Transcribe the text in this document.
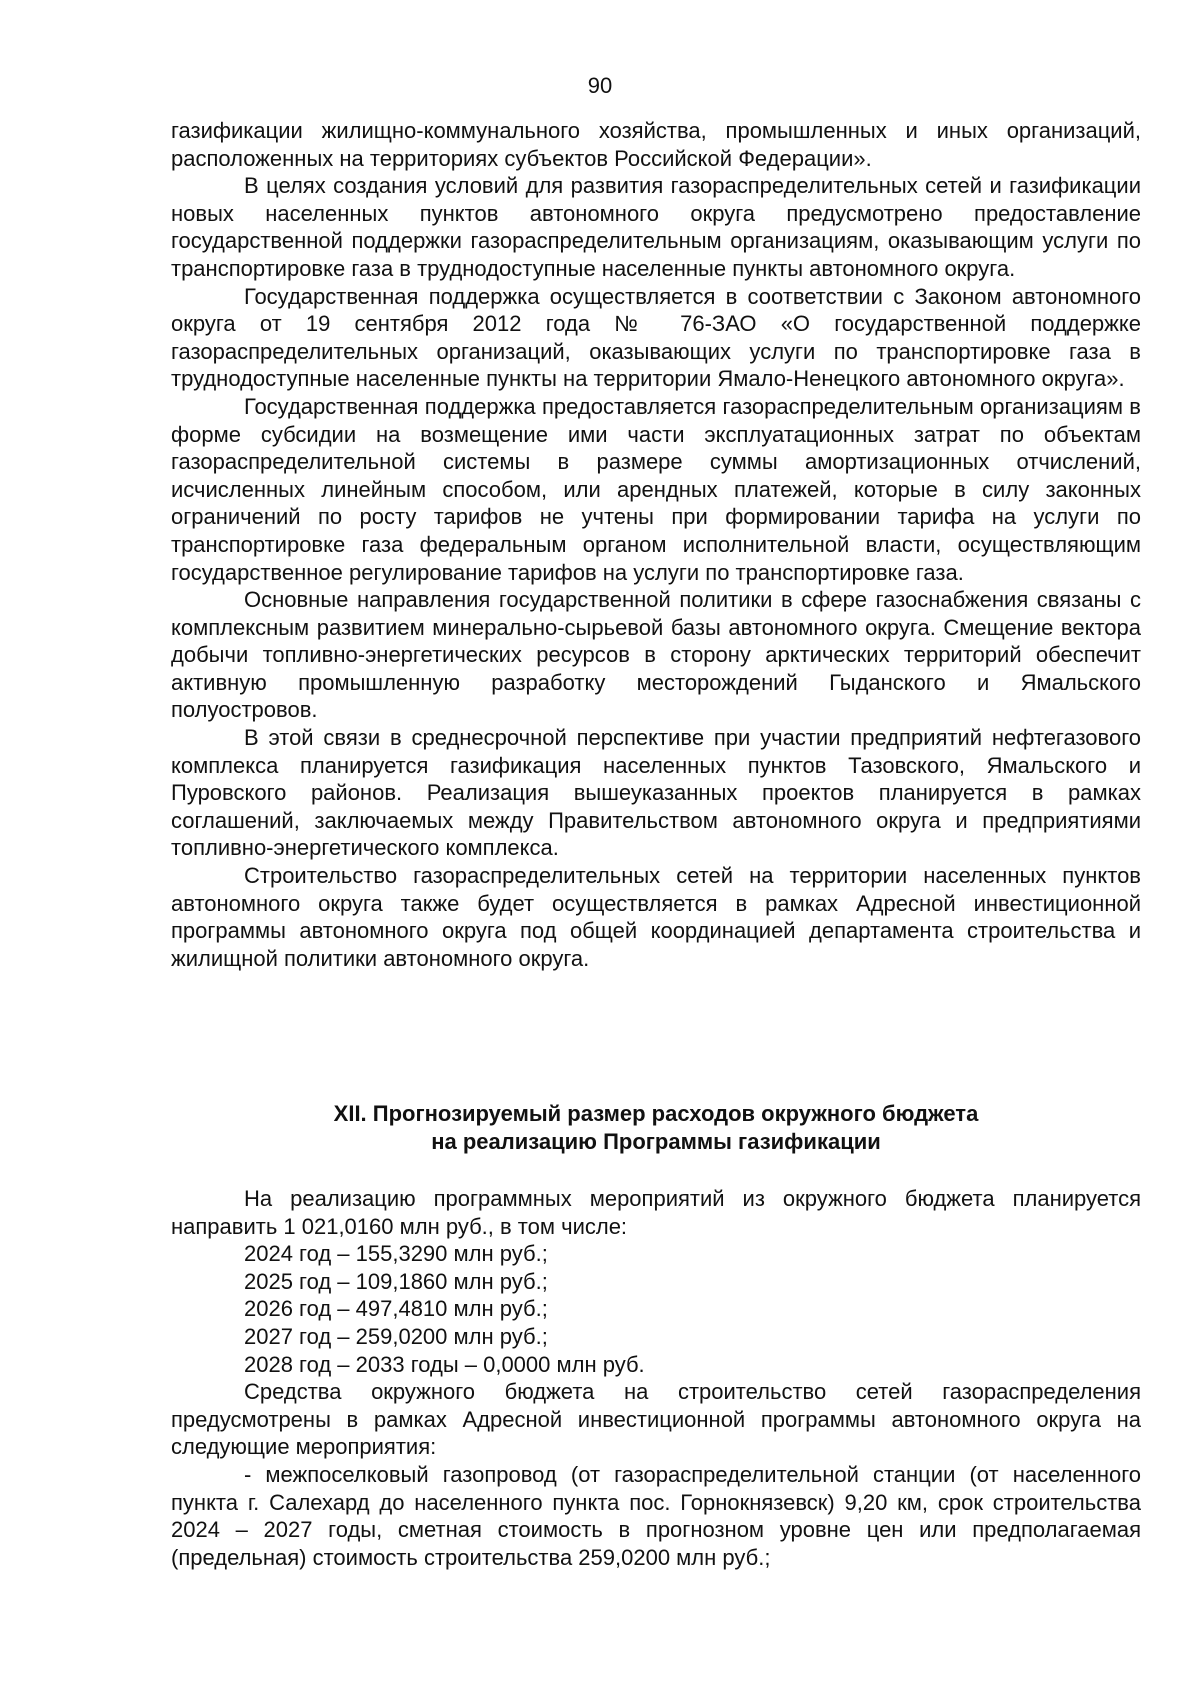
90

газификации жилищно-коммунального хозяйства, промышленных и иных организаций, расположенных на территориях субъектов Российской Федерации».

В целях создания условий для развития газораспределительных сетей и газификации новых населенных пунктов автономного округа предусмотрено предоставление государственной поддержки газораспределительным организациям, оказывающим услуги по транспортировке газа в труднодоступные населенные пункты автономного округа.

Государственная поддержка осуществляется в соответствии с Законом автономного округа от 19 сентября 2012 года № 76-ЗАО «О государственной поддержке газораспределительных организаций, оказывающих услуги по транспортировке газа в труднодоступные населенные пункты на территории Ямало-Ненецкого автономного округа».

Государственная поддержка предоставляется газораспределительным организациям в форме субсидии на возмещение ими части эксплуатационных затрат по объектам газораспределительной системы в размере суммы амортизационных отчислений, исчисленных линейным способом, или арендных платежей, которые в силу законных ограничений по росту тарифов не учтены при формировании тарифа на услуги по транспортировке газа федеральным органом исполнительной власти, осуществляющим государственное регулирование тарифов на услуги по транспортировке газа.

Основные направления государственной политики в сфере газоснабжения связаны с комплексным развитием минерально-сырьевой базы автономного округа. Смещение вектора добычи топливно-энергетических ресурсов в сторону арктических территорий обеспечит активную промышленную разработку месторождений Гыданского и Ямальского полуостровов.

В этой связи в среднесрочной перспективе при участии предприятий нефтегазового комплекса планируется газификация населенных пунктов Тазовского, Ямальского и Пуровского районов. Реализация вышеуказанных проектов планируется в рамках соглашений, заключаемых между Правительством автономного округа и предприятиями топливно-энергетического комплекса.

Строительство газораспределительных сетей на территории населенных пунктов автономного округа также будет осуществляется в рамках Адресной инвестиционной программы автономного округа под общей координацией департамента строительства и жилищной политики автономного округа.

XII. Прогнозируемый размер расходов окружного бюджета
на реализацию Программы газификации

На реализацию программных мероприятий из окружного бюджета планируется направить 1 021,0160 млн руб., в том числе:

2024 год – 155,3290 млн руб.;

2025 год – 109,1860 млн руб.;

2026 год – 497,4810 млн руб.;

2027 год – 259,0200 млн руб.;

2028 год – 2033 годы – 0,0000 млн руб.

Средства окружного бюджета на строительство сетей газораспределения предусмотрены в рамках Адресной инвестиционной программы автономного округа на следующие мероприятия:

- межпоселковый газопровод (от газораспределительной станции (от населенного пункта г. Салехард до населенного пункта пос. Горнокнязевск) 9,20 км, срок строительства 2024 – 2027 годы, сметная стоимость в прогнозном уровне цен или предполагаемая (предельная) стоимость строительства 259,0200 млн руб.;
